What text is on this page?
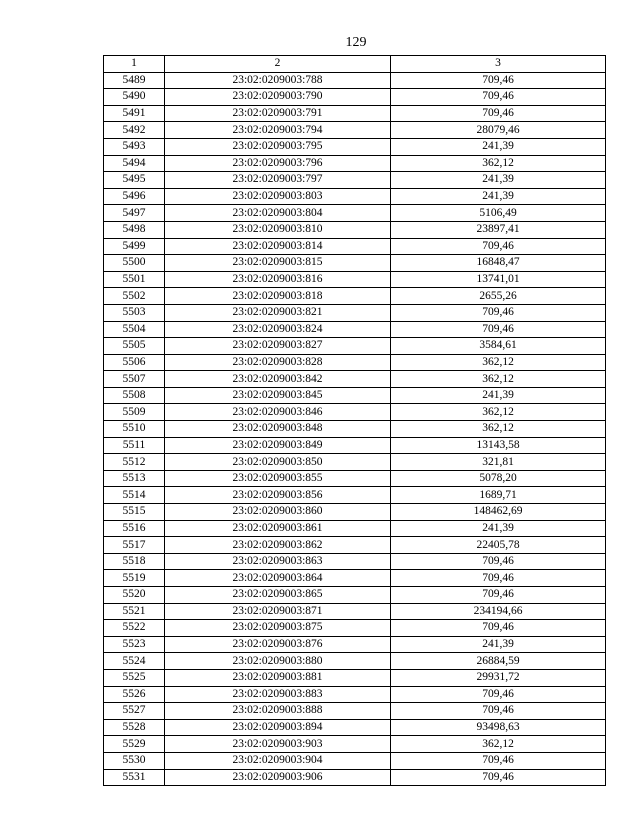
129
1	2	3
5489	23:02:0209003:788	709,46
5490	23:02:0209003:790	709,46
5491	23:02:0209003:791	709,46
5492	23:02:0209003:794	28079,46
5493	23:02:0209003:795	241,39
5494	23:02:0209003:796	362,12
5495	23:02:0209003:797	241,39
5496	23:02:0209003:803	241,39
5497	23:02:0209003:804	5106,49
5498	23:02:0209003:810	23897,41
5499	23:02:0209003:814	709,46
5500	23:02:0209003:815	16848,47
5501	23:02:0209003:816	13741,01
5502	23:02:0209003:818	2655,26
5503	23:02:0209003:821	709,46
5504	23:02:0209003:824	709,46
5505	23:02:0209003:827	3584,61
5506	23:02:0209003:828	362,12
5507	23:02:0209003:842	362,12
5508	23:02:0209003:845	241,39
5509	23:02:0209003:846	362,12
5510	23:02:0209003:848	362,12
5511	23:02:0209003:849	13143,58
5512	23:02:0209003:850	321,81
5513	23:02:0209003:855	5078,20
5514	23:02:0209003:856	1689,71
5515	23:02:0209003:860	148462,69
5516	23:02:0209003:861	241,39
5517	23:02:0209003:862	22405,78
5518	23:02:0209003:863	709,46
5519	23:02:0209003:864	709,46
5520	23:02:0209003:865	709,46
5521	23:02:0209003:871	234194,66
5522	23:02:0209003:875	709,46
5523	23:02:0209003:876	241,39
5524	23:02:0209003:880	26884,59
5525	23:02:0209003:881	29931,72
5526	23:02:0209003:883	709,46
5527	23:02:0209003:888	709,46
5528	23:02:0209003:894	93498,63
5529	23:02:0209003:903	362,12
5530	23:02:0209003:904	709,46
5531	23:02:0209003:906	709,46
